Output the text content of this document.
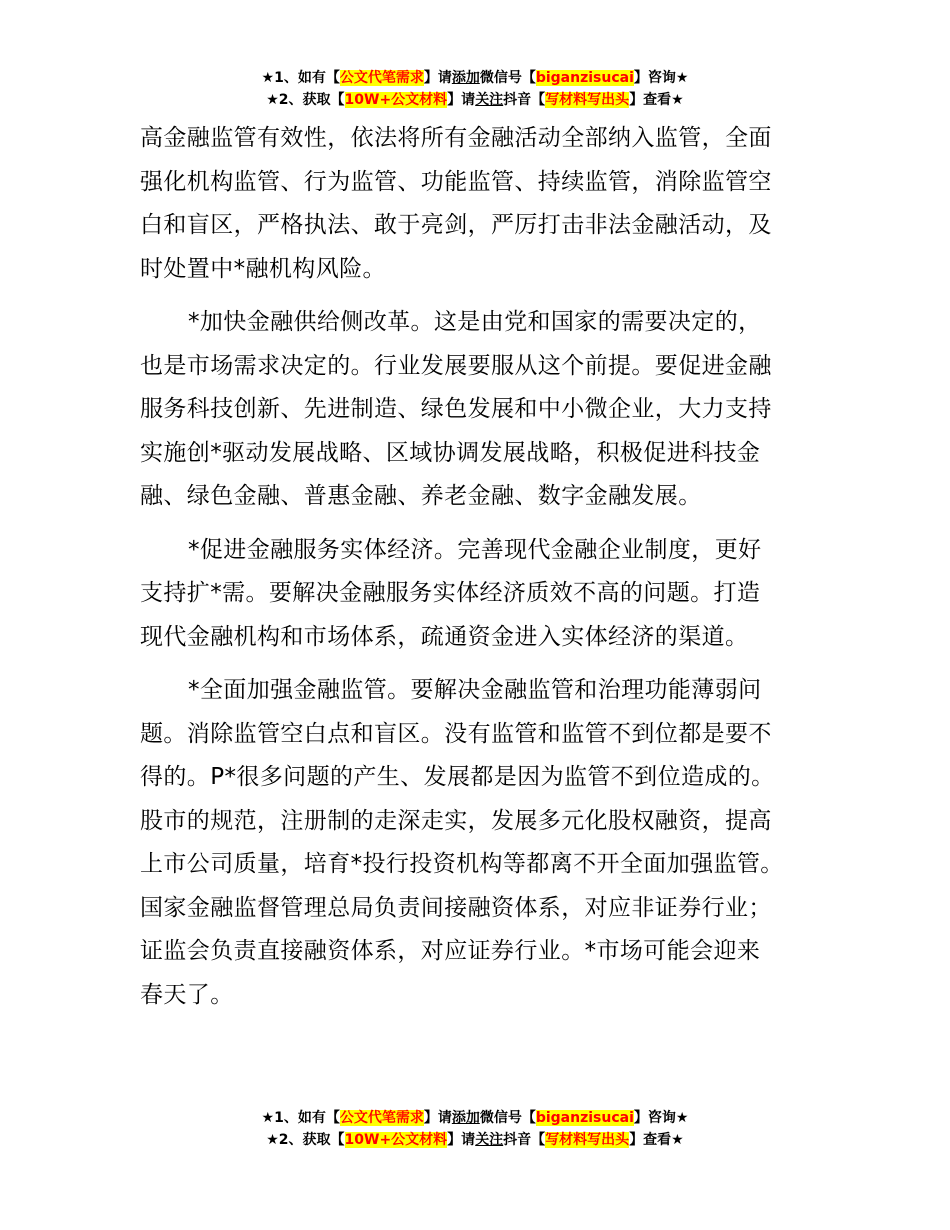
★1、如有【公文代笔需求】请添加微信号【biganzisucai】咨询★
★2、获取【10W+公文材料】请关注抖音【写材料写出头】查看★
高金融监管有效性，依法将所有金融活动全部纳入监管，全面
强化机构监管、行为监管、功能监管、持续监管，消除监管空
白和盲区，严格执法、敢于亮剑，严厉打击非法金融活动，及
时处置中*融机构风险。
*加快金融供给侧改革。这是由党和国家的需要决定的，
也是市场需求决定的。行业发展要服从这个前提。要促进金融
服务科技创新、先进制造、绿色发展和中小微企业，大力支持
实施创*驱动发展战略、区域协调发展战略，积极促进科技金
融、绿色金融、普惠金融、养老金融、数字金融发展。
*促进金融服务实体经济。完善现代金融企业制度，更好
支持扩*需。要解决金融服务实体经济质效不高的问题。打造
现代金融机构和市场体系，疏通资金进入实体经济的渠道。
*全面加强金融监管。要解决金融监管和治理功能薄弱问
题。消除监管空白点和盲区。没有监管和监管不到位都是要不
得的。P*很多问题的产生、发展都是因为监管不到位造成的。
股市的规范，注册制的走深走实，发展多元化股权融资，提高
上市公司质量，培育*投行投资机构等都离不开全面加强监管。
国家金融监督管理总局负责间接融资体系，对应非证券行业；
证监会负责直接融资体系，对应证券行业。*市场可能会迎来
春天了。
★1、如有【公文代笔需求】请添加微信号【biganzisucai】咨询★
★2、获取【10W+公文材料】请关注抖音【写材料写出头】查看★
